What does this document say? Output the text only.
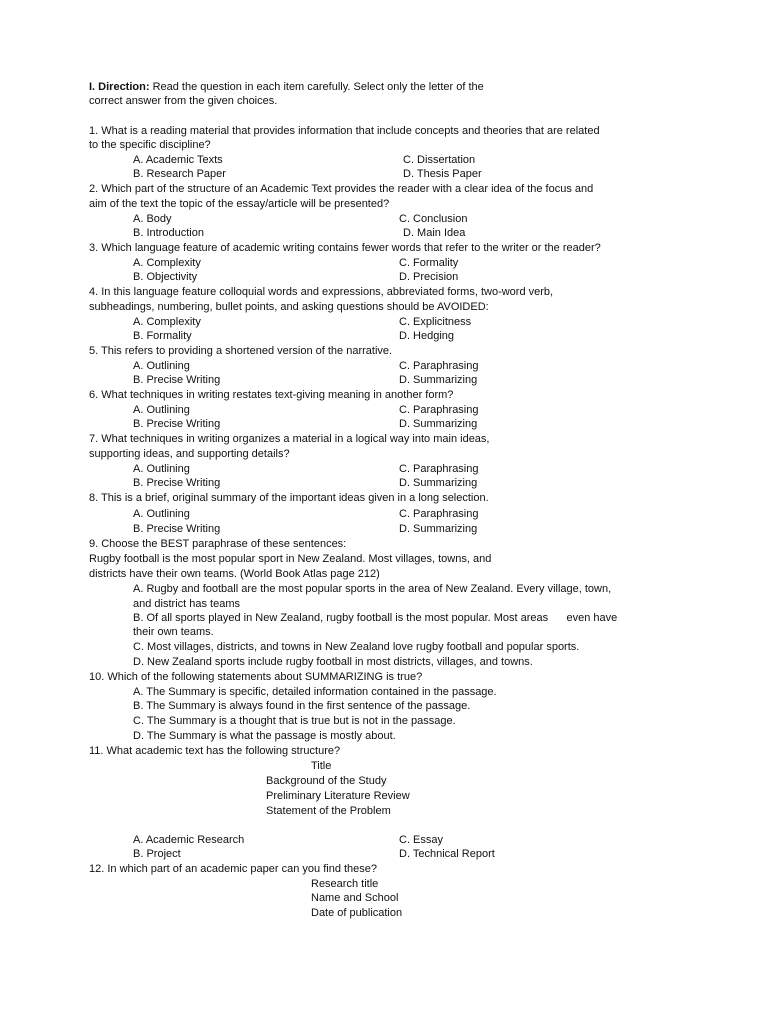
I. Direction: Read the question in each item carefully. Select only the letter of the
correct answer from the given choices.
1. What is a reading material that provides information that include concepts and theories that are related
to the specific discipline?
A. Academic Texts	C. Dissertation
B. Research Paper	D. Thesis Paper
2. Which part of the structure of an Academic Text provides the reader with a clear idea of the focus and
aim of the text the topic of the essay/article will be presented?
A. Body	C. Conclusion
B. Introduction	D. Main Idea
3. Which language feature of academic writing contains fewer words that refer to the writer or the reader?
A. Complexity	C. Formality
B. Objectivity	D. Precision
4. In this language feature colloquial words and expressions, abbreviated forms, two-word verb,
subheadings, numbering, bullet points, and asking questions should be AVOIDED:
A. Complexity	C. Explicitness
B. Formality	D. Hedging
5. This refers to providing a shortened version of the narrative.
A. Outlining	C. Paraphrasing
B. Precise Writing	D. Summarizing
6. What techniques in writing restates text-giving meaning in another form?
A. Outlining	C. Paraphrasing
B. Precise Writing	D. Summarizing
7. What techniques in writing organizes a material in a logical way into main ideas,
supporting ideas, and supporting details?
A. Outlining	C. Paraphrasing
B. Precise Writing	D. Summarizing
8. This is a brief, original summary of the important ideas given in a long selection.
A. Outlining	C. Paraphrasing
B. Precise Writing	D. Summarizing
9. Choose the BEST paraphrase of these sentences:
Rugby football is the most popular sport in New Zealand. Most villages, towns, and
districts have their own teams. (World Book Atlas page 212)
A. Rugby and football are the most popular sports in the area of New Zealand. Every village, town,
and district has teams
B. Of all sports played in New Zealand, rugby football is the most popular. Most areas      even have
their own teams.
C. Most villages, districts, and towns in New Zealand love rugby football and popular sports.
D. New Zealand sports include rugby football in most districts, villages, and towns.
10. Which of the following statements about SUMMARIZING is true?
A. The Summary is specific, detailed information contained in the passage.
B. The Summary is always found in the first sentence of the passage.
C. The Summary is a thought that is true but is not in the passage.
D. The Summary is what the passage is mostly about.
11. What academic text has the following structure?
Title
Background of the Study
Preliminary Literature Review
Statement of the Problem
A. Academic Research	C. Essay
B. Project	D. Technical Report
12. In which part of an academic paper can you find these?
Research title
Name and School
Date of publication
